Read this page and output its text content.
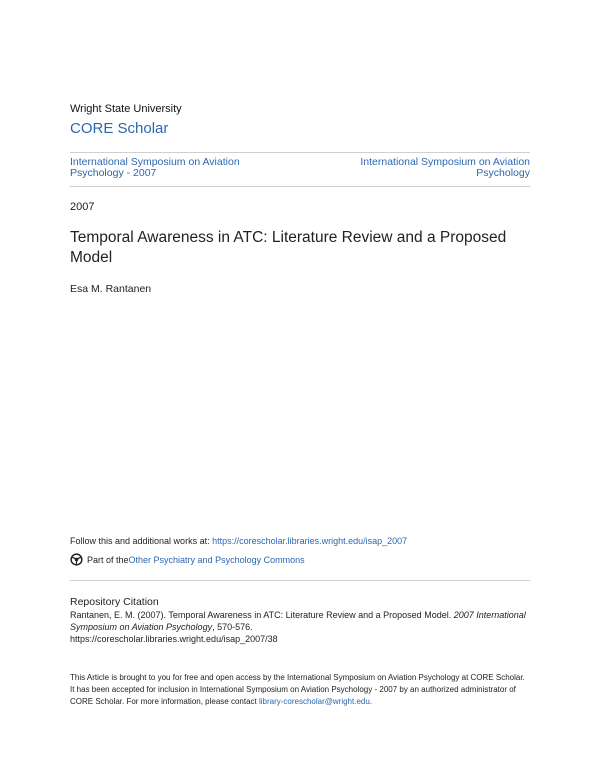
Wright State University
CORE Scholar
International Symposium on Aviation Psychology - 2007
International Symposium on Aviation Psychology
2007
Temporal Awareness in ATC: Literature Review and a Proposed Model
Esa M. Rantanen
Follow this and additional works at: https://corescholar.libraries.wright.edu/isap_2007
Part of the Other Psychiatry and Psychology Commons
Repository Citation
Rantanen, E. M. (2007). Temporal Awareness in ATC: Literature Review and a Proposed Model. 2007 International Symposium on Aviation Psychology, 570-576.
https://corescholar.libraries.wright.edu/isap_2007/38
This Article is brought to you for free and open access by the International Symposium on Aviation Psychology at CORE Scholar. It has been accepted for inclusion in International Symposium on Aviation Psychology - 2007 by an authorized administrator of CORE Scholar. For more information, please contact library-corescholar@wright.edu.
